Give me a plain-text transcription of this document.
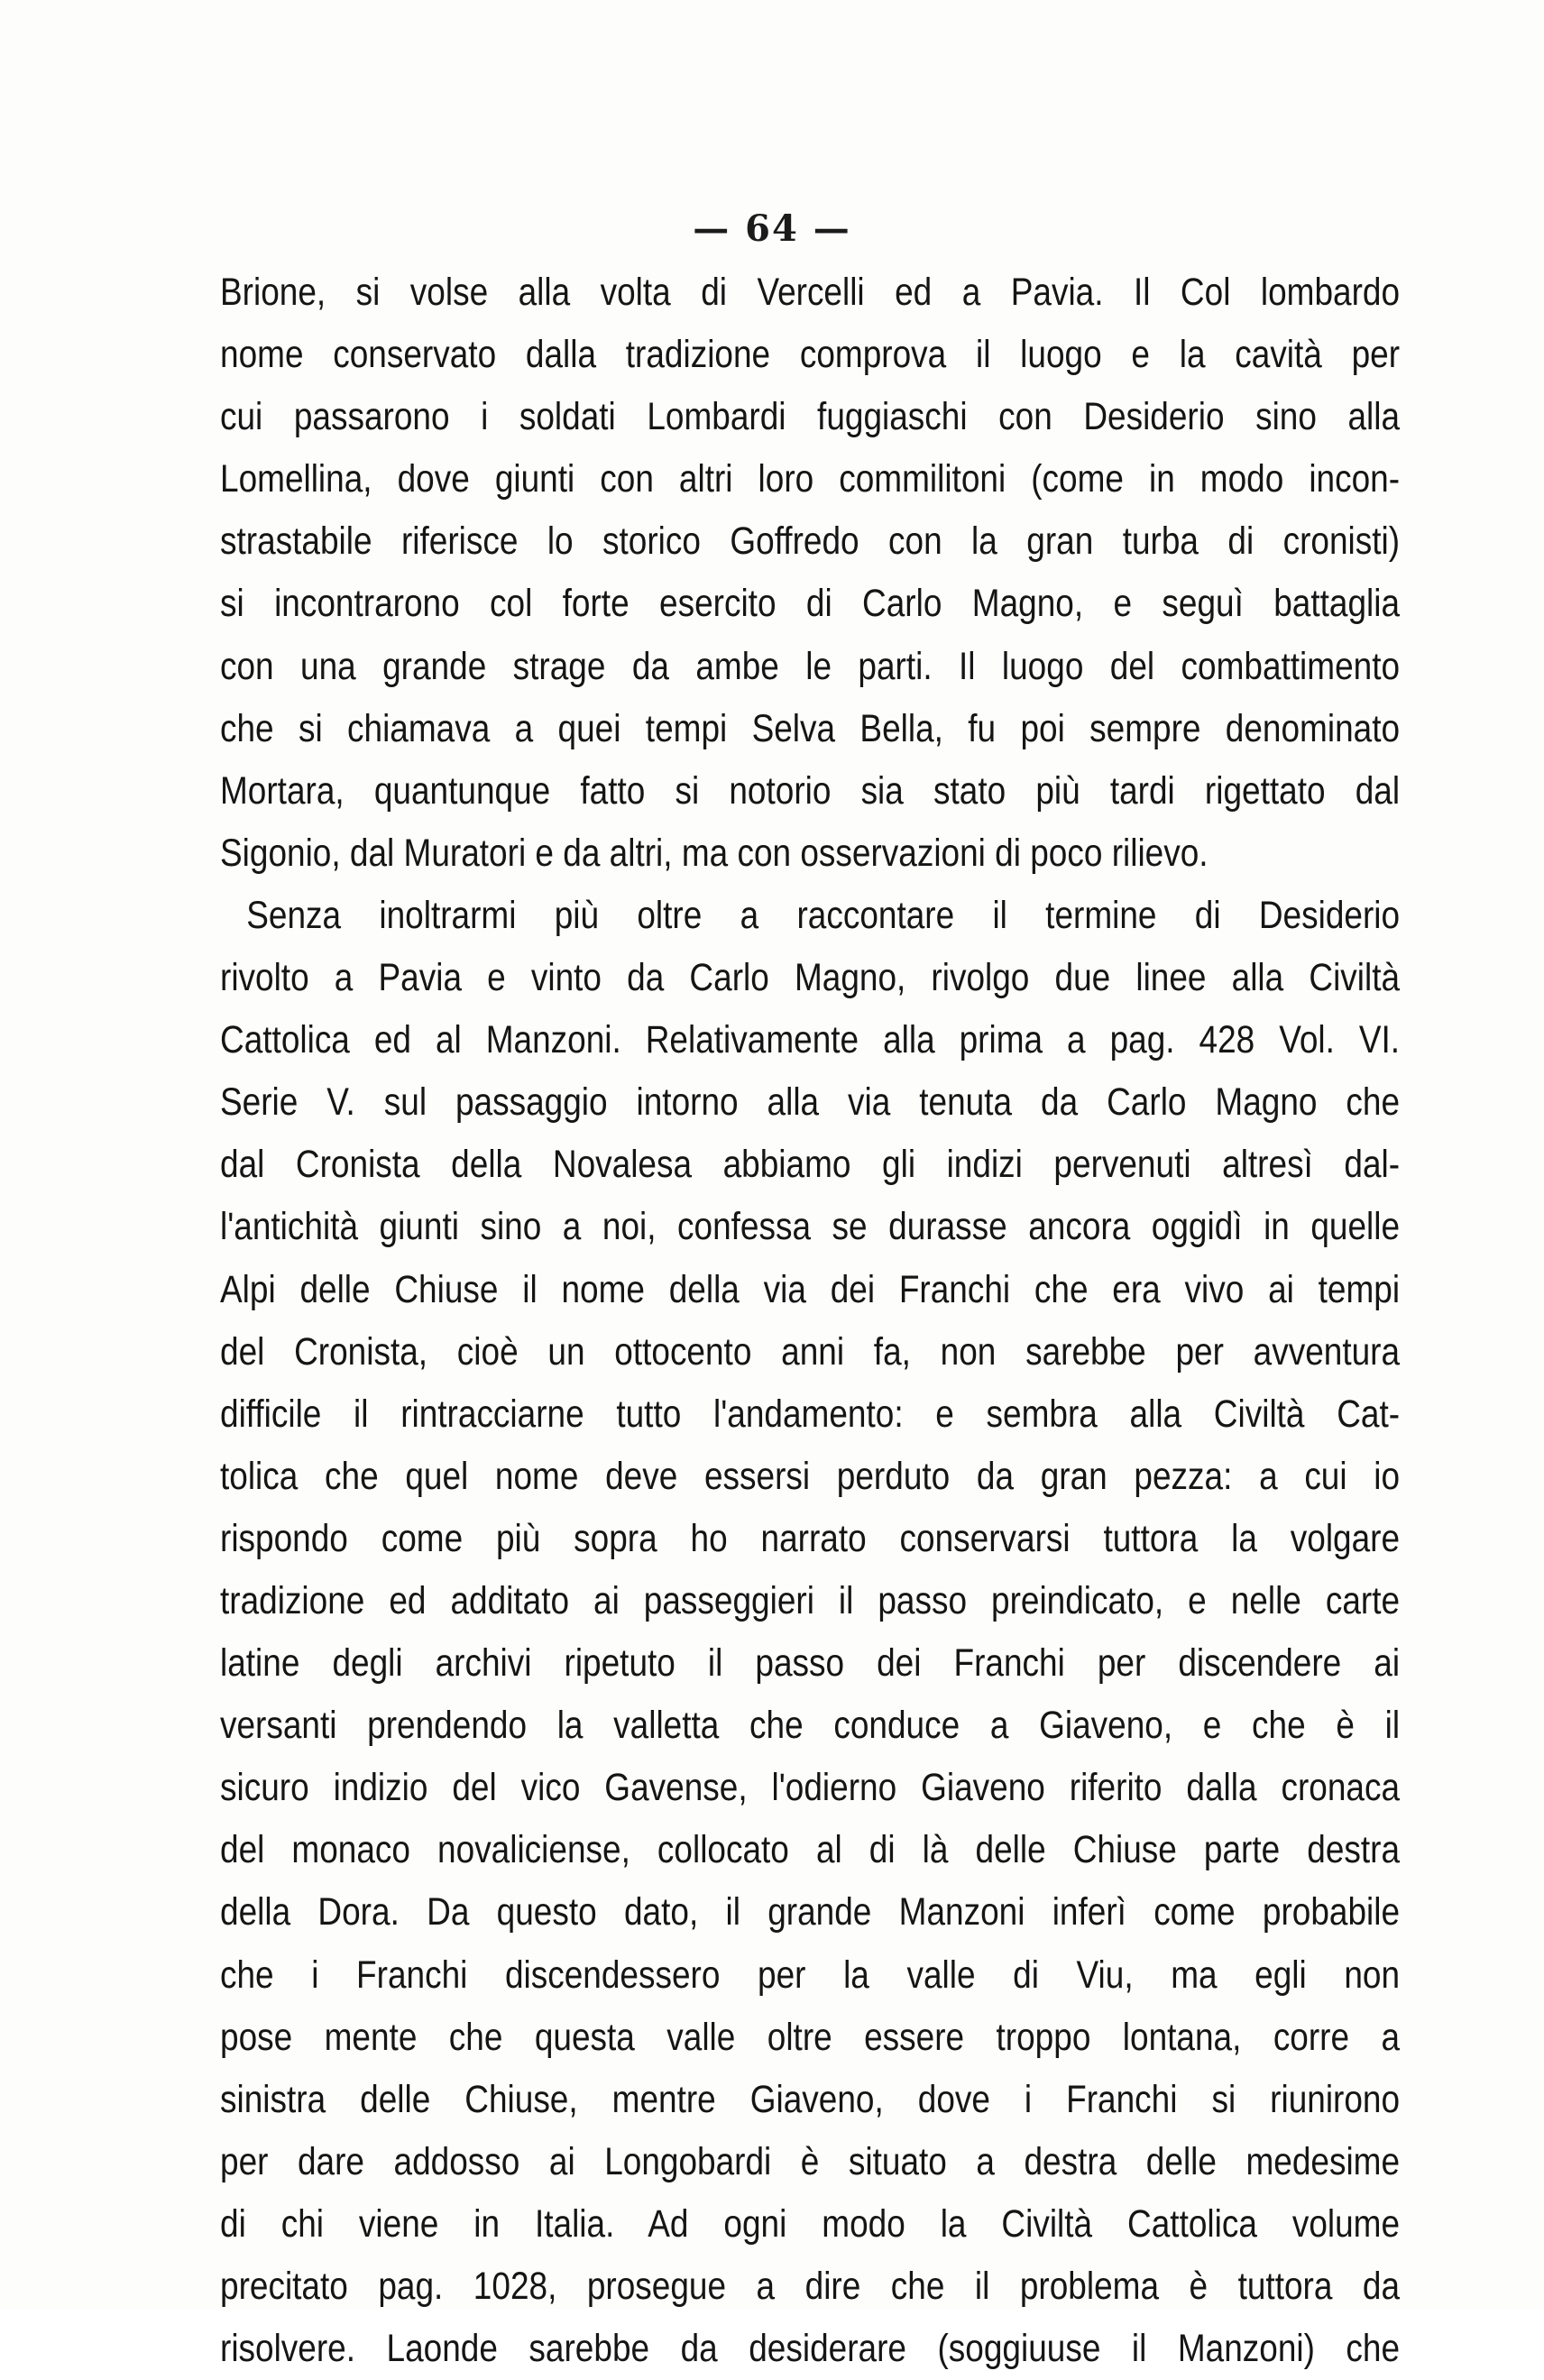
— 64 —
Brione, si volse alla volta di Vercelli ed a Pavia. Il Col lombardo
nome conservato dalla tradizione comprova il luogo e la cavità per
cui passarono i soldati Lombardi fuggiaschi con Desiderio sino alla
Lomellina, dove giunti con altri loro commilitoni (come in modo incon-
strastabile riferisce lo storico Goffredo con la gran turba di cronisti)
si incontrarono col forte esercito di Carlo Magno, e seguì battaglia
con una grande strage da ambe le parti. Il luogo del combattimento
che si chiamava a quei tempi Selva Bella, fu poi sempre denominato
Mortara, quantunque fatto si notorio sia stato più tardi rigettato dal
Sigonio, dal Muratori e da altri, ma con osservazioni di poco rilievo.
Senza inoltrarmi più oltre a raccontare il termine di Desiderio
rivolto a Pavia e vinto da Carlo Magno, rivolgo due linee alla Civiltà
Cattolica ed al Manzoni. Relativamente alla prima a pag. 428 Vol. VI.
Serie V. sul passaggio intorno alla via tenuta da Carlo Magno che
dal Cronista della Novalesa abbiamo gli indizi pervenuti altresì dal-
l'antichità giunti sino a noi, confessa se durasse ancora oggidì in quelle
Alpi delle Chiuse il nome della via dei Franchi che era vivo ai tempi
del Cronista, cioè un ottocento anni fa, non sarebbe per avventura
difficile il rintracciarne tutto l'andamento: e sembra alla Civiltà Cat-
tolica che quel nome deve essersi perduto da gran pezza: a cui io
rispondo come più sopra ho narrato conservarsi tuttora la volgare
tradizione ed additato ai passeggieri il passo preindicato, e nelle carte
latine degli archivi ripetuto il passo dei Franchi per discendere ai
versanti prendendo la valletta che conduce a Giaveno, e che è il
sicuro indizio del vico Gavense, l'odierno Giaveno riferito dalla cronaca
del monaco novaliciense, collocato al di là delle Chiuse parte destra
della Dora. Da questo dato, il grande Manzoni inferì come probabile
che i Franchi discendessero per la valle di Viu, ma egli non
pose mente che questa valle oltre essere troppo lontana, corre a
sinistra delle Chiuse, mentre Giaveno, dove i Franchi si riunirono
per dare addosso ai Longobardi è situato a destra delle medesime
di chi viene in Italia. Ad ogni modo la Civiltà Cattolica volume
precitato pag. 1028, prosegue a dire che il problema è tuttora da
risolvere. Laonde sarebbe da desiderare (soggiuuse il Manzoni) che
